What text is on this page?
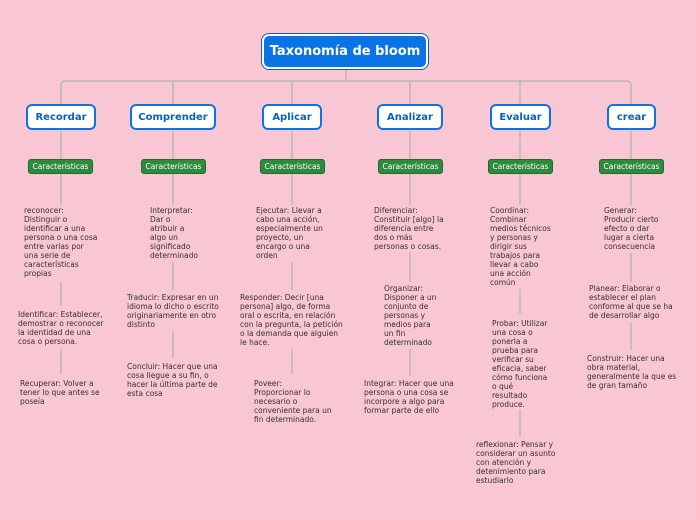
Taxonomía de bloom
Recordar	Comprender	Aplicar	Analizar	Evaluar	crear
Características	Características	Características	Características	Características	Características

reconocer:
Distinguir o
identificar a una
persona o una cosa
entre varias por
una serie de
características
propias

Identificar: Establecer,
demostrar o reconocer
la identidad de una
cosa o persona.

Recuperar: Volver a
tener lo que antes se
poseía

Interpretar:
Dar o
atribuir a
algo un
significado
determinado

Traducir: Expresar en un
idioma lo dicho o escrito
originariamente en otro
distinto

Concluir: Hacer que una
cosa llegue a su fin, o
hacer la última parte de
esta cosa

Ejecutar: Llevar a
cabo una acción,
especialmente un
proyecto, un
encargo o una
orden

Responder: Decir [una
persona] algo, de forma
oral o escrita, en relación
con la pregunta, la petición
o la demanda que alguien
le hace.

Poveer:
Proporcionar lo
necesario o
conveniente para un
fin determinado.

Diferenciar:
Constituir [algo] la
diferencia entre
dos o más
personas o cosas.

Organizar:
Disponer a un
conjunto de
personas y
medios para
un fin
determinado

Integrar: Hacer que una
persona o una cosa se
incorpore a algo para
formar parte de ello

Coordinar:
Combinar
medios técnicos
y personas y
dirigir sus
trabajos para
llevar a cabo
una acción
común

Probar: Utilizar
una cosa o
ponerla a
prueba para
verificar su
eficacia, saber
cómo funciona
o qué
resultado
produce.

reflexionar: Pensar y
considerar un asunto
con atención y
detenimiento para
estudiarlo

Generar:
Producir cierto
efecto o dar
lugar a cierta
consecuencia

Planear: Elaborar o
establecer el plan
conforme al que se ha
de desarrollar algo

Construir: Hacer una
obra material,
generalmente la que es
de gran tamaño
